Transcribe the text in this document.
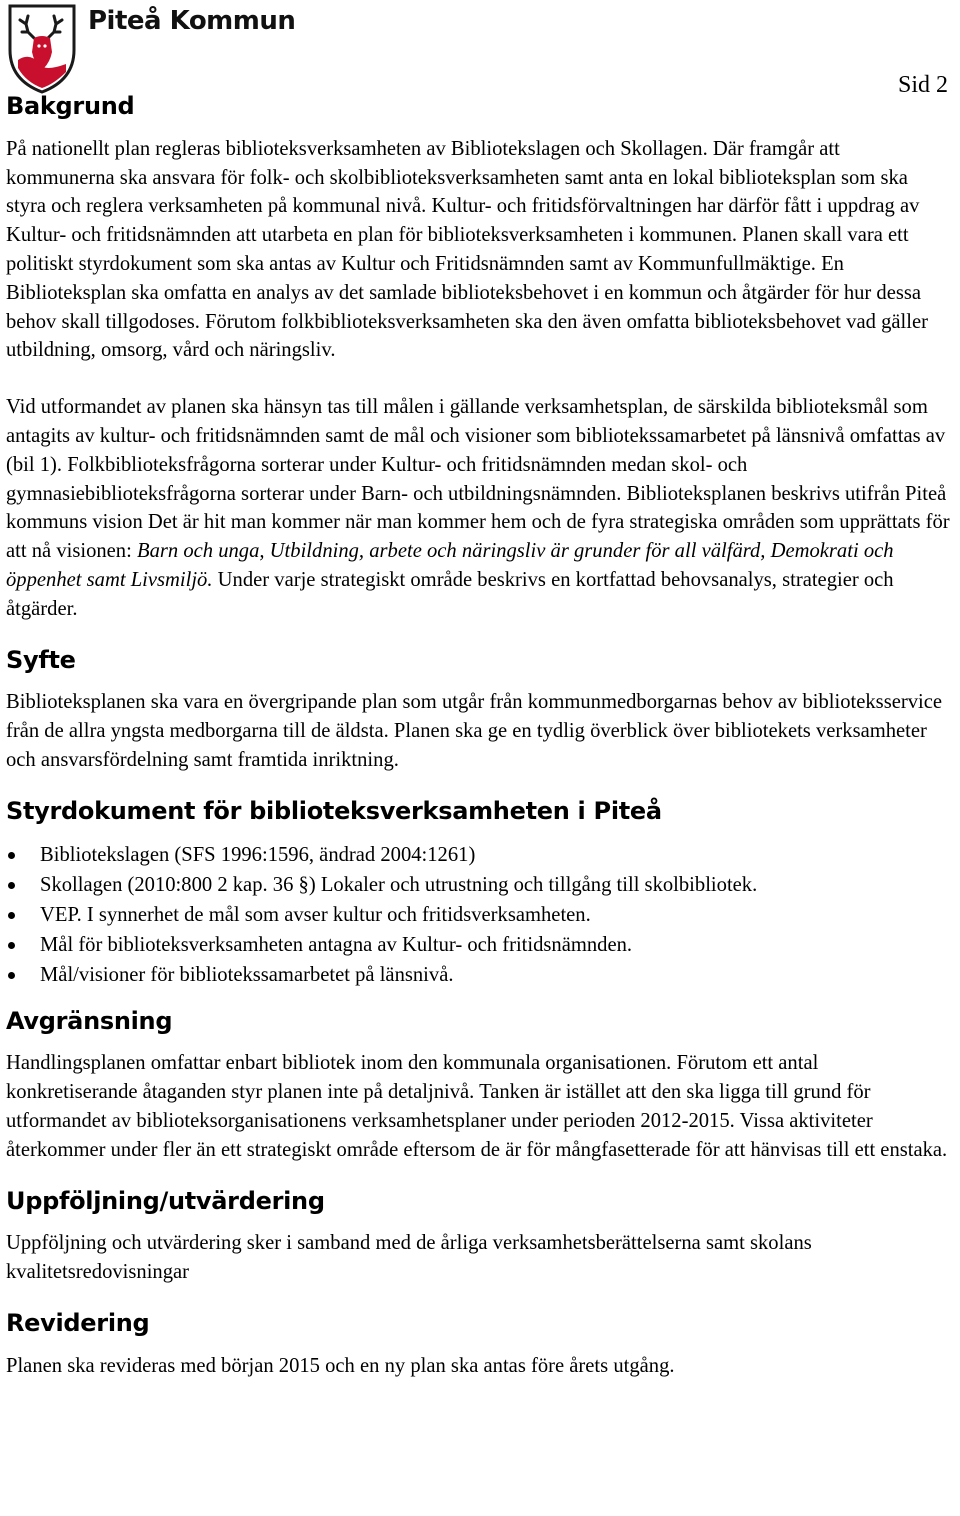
Piteå Kommun
Sid 2
Bakgrund

På nationellt plan regleras biblioteksverksamheten av Bibliotekslagen och Skollagen. Där framgår att kommunerna ska ansvara för folk- och skolbiblioteksverksamheten samt anta en lokal biblioteksplan som ska styra och reglera verksamheten på kommunal nivå. Kultur- och fritidsförvaltningen har därför fått i uppdrag av Kultur- och fritidsnämnden att utarbeta en plan för biblioteksverksamheten i kommunen. Planen skall vara ett politiskt styrdokument som ska antas av Kultur och Fritidsnämnden samt av Kommunfullmäktige. En Biblioteksplan ska omfatta en analys av det samlade biblioteksbehovet i en kommun och åtgärder för hur dessa behov skall tillgodoses. Förutom folkbiblioteksverksamheten ska den även omfatta biblioteksbehovet vad gäller utbildning, omsorg, vård och näringsliv.

Vid utformandet av planen ska hänsyn tas till målen i gällande verksamhetsplan, de särskilda biblioteksmål som antagits av kultur- och fritidsnämnden samt de mål och visioner som bibliotekssamarbetet på länsnivå omfattas av (bil 1). Folkbiblioteksfrågorna sorterar under Kultur- och fritidsnämnden medan skol- och gymnasiebiblioteksfrågorna sorterar under Barn- och utbildningsnämnden. Biblioteksplanen beskrivs utifrån Piteå kommuns vision Det är hit man kommer när man kommer hem och de fyra strategiska områden som upprättats för att nå visionen: Barn och unga, Utbildning, arbete och näringsliv är grunder för all välfärd, Demokrati och öppenhet samt Livsmiljö. Under varje strategiskt område beskrivs en kortfattad behovsanalys, strategier och åtgärder.

Syfte

Biblioteksplanen ska vara en övergripande plan som utgår från kommunmedborgarnas behov av biblioteksservice från de allra yngsta medborgarna till de äldsta. Planen ska ge en tydlig överblick över bibliotekets verksamheter och ansvarsfördelning samt framtida inriktning.

Styrdokument för biblioteksverksamheten i Piteå
Bibliotekslagen (SFS 1996:1596, ändrad 2004:1261)
Skollagen (2010:800 2 kap. 36 §) Lokaler och utrustning och tillgång till skolbibliotek.
VEP. I synnerhet de mål som avser kultur och fritidsverksamheten.
Mål för biblioteksverksamheten antagna av Kultur- och fritidsnämnden.
Mål/visioner för bibliotekssamarbetet på länsnivå.
Avgränsning

Handlingsplanen omfattar enbart bibliotek inom den kommunala organisationen. Förutom ett antal konkretiserande åtaganden styr planen inte på detaljnivå. Tanken är istället att den ska ligga till grund för utformandet av biblioteksorganisationens verksamhetsplaner under perioden 2012-2015. Vissa aktiviteter återkommer under fler än ett strategiskt område eftersom de är för mångfasetterade för att hänvisas till ett enstaka.

Uppföljning/utvärdering

Uppföljning och utvärdering sker i samband med de årliga verksamhetsberättelserna samt skolans kvalitetsredovisningar

Revidering

Planen ska revideras med början 2015 och en ny plan ska antas före årets utgång.
